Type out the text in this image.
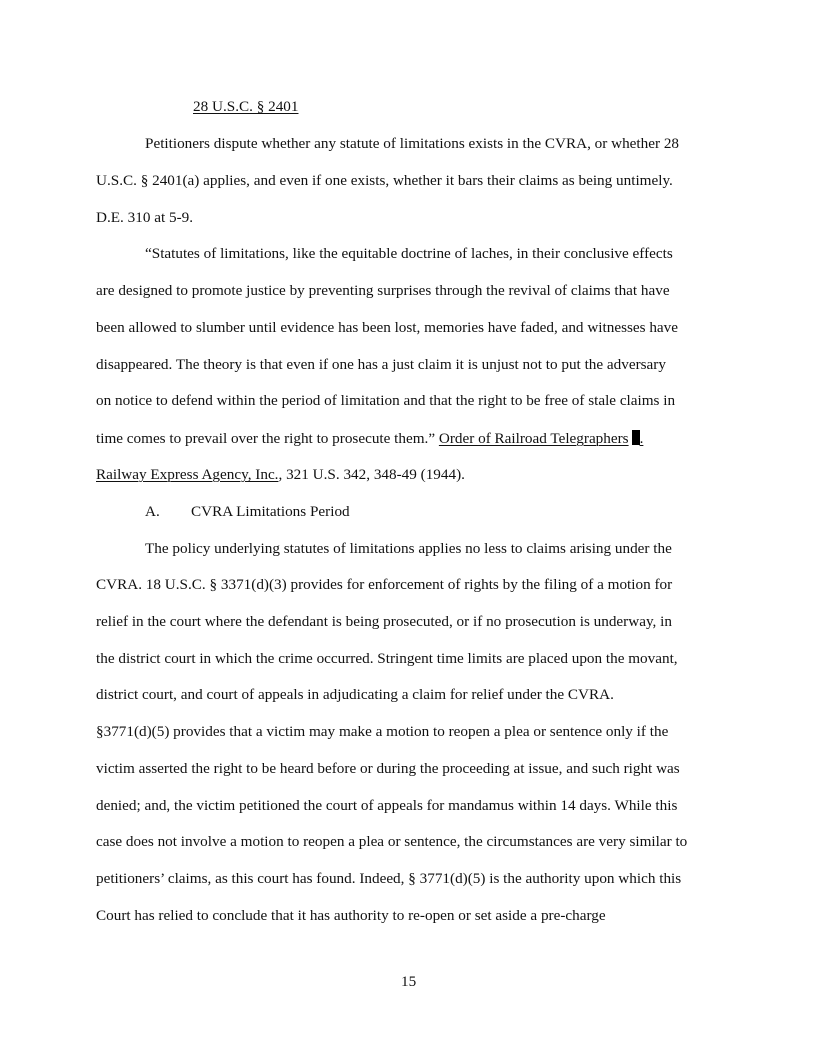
28 U.S.C. § 2401
Petitioners dispute whether any statute of limitations exists in the CVRA, or whether 28
U.S.C. § 2401(a) applies, and even if one exists, whether it bars their claims as being untimely.
D.E. 310 at 5-9.
“Statutes of limitations, like the equitable doctrine of laches, in their conclusive effects
are designed to promote justice by preventing surprises through the revival of claims that have
been allowed to slumber until evidence has been lost, memories have faded, and witnesses have
disappeared. The theory is that even if one has a just claim it is unjust not to put the adversary
on notice to defend within the period of limitation and that the right to be free of stale claims in
time comes to prevail over the right to prosecute them.” Order of Railroad Telegraphers .
Railway Express Agency, Inc., 321 U.S. 342, 348-49 (1944).
A. CVRA Limitations Period
The policy underlying statutes of limitations applies no less to claims arising under the
CVRA. 18 U.S.C. § 3371(d)(3) provides for enforcement of rights by the filing of a motion for
relief in the court where the defendant is being prosecuted, or if no prosecution is underway, in
the district court in which the crime occurred. Stringent time limits are placed upon the movant,
district court, and court of appeals in adjudicating a claim for relief under the CVRA.
§3771(d)(5) provides that a victim may make a motion to reopen a plea or sentence only if the
victim asserted the right to be heard before or during the proceeding at issue, and such right was
denied; and, the victim petitioned the court of appeals for mandamus within 14 days. While this
case does not involve a motion to reopen a plea or sentence, the circumstances are very similar to
petitioners’ claims, as this court has found. Indeed, § 3771(d)(5) is the authority upon which this
Court has relied to conclude that it has authority to re-open or set aside a pre-charge
15
